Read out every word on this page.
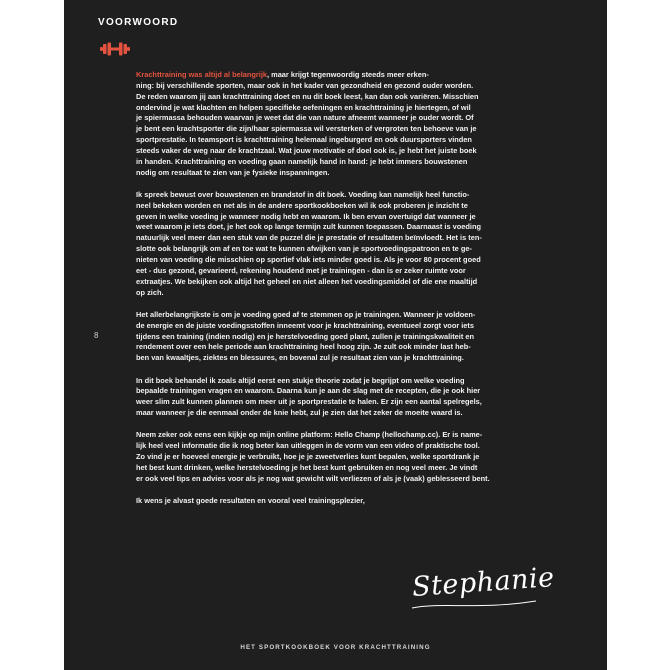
VOORWOORD
8

Krachttraining was altijd al belangrijk, maar krijgt tegenwoordig steeds meer erken-
ning: bij verschillende sporten, maar ook in het kader van gezondheid en gezond ouder worden.
De reden waarom jij aan krachttraining doet en nu dit boek leest, kan dan ook variëren. Misschien
ondervind je wat klachten en helpen specifieke oefeningen en krachttraining je hiertegen, of wil
je spiermassa behouden waarvan je weet dat die van nature afneemt wanneer je ouder wordt. Of
je bent een krachtsporter die zijn/haar spiermassa wil versterken of vergroten ten behoeve van je
sportprestatie. In teamsport is krachttraining helemaal ingeburgerd en ook duursporters vinden
steeds vaker de weg naar de krachtzaal. Wat jouw motivatie of doel ook is, je hebt het juiste boek
in handen. Krachttraining en voeding gaan namelijk hand in hand: je hebt immers bouwstenen
nodig om resultaat te zien van je fysieke inspanningen.

Ik spreek bewust over bouwstenen en brandstof in dit boek. Voeding kan namelijk heel functio-
neel bekeken worden en net als in de andere sportkookboeken wil ik ook proberen je inzicht te
geven in welke voeding je wanneer nodig hebt en waarom. Ik ben ervan overtuigd dat wanneer je
weet waarom je iets doet, je het ook op lange termijn zult kunnen toepassen. Daarnaast is voeding
natuurlijk veel meer dan een stuk van de puzzel die je prestatie of resultaten beïnvloedt. Het is ten-
slotte ook belangrijk om af en toe wat te kunnen afwijken van je sportvoedingspatroon en te ge-
nieten van voeding die misschien op sportief vlak iets minder goed is. Als je voor 80 procent goed
eet - dus gezond, gevarieerd, rekening houdend met je trainingen - dan is er zeker ruimte voor
extraatjes. We bekijken ook altijd het geheel en niet alleen het voedingsmiddel of die ene maaltijd
op zich.

Het allerbelangrijkste is om je voeding goed af te stemmen op je trainingen. Wanneer je voldoen-
de energie en de juiste voedingsstoffen inneemt voor je krachttraining, eventueel zorgt voor iets
tijdens een training (indien nodig) en je herstelvoeding goed plant, zullen je trainingskwaliteit en
rendement over een hele periode aan krachttraining heel hoog zijn. Je zult ook minder last heb-
ben van kwaaltjes, ziektes en blessures, en bovenal zul je resultaat zien van je krachttraining.

In dit boek behandel ik zoals altijd eerst een stukje theorie zodat je begrijpt om welke voeding
bepaalde trainingen vragen en waarom. Daarna kun je aan de slag met de recepten, die je ook hier
weer slim zult kunnen plannen om meer uit je sportprestatie te halen. Er zijn een aantal spelregels,
maar wanneer je die eenmaal onder de knie hebt, zul je zien dat het zeker de moeite waard is.

Neem zeker ook eens een kijkje op mijn online platform: Hello Champ (hellochamp.cc). Er is name-
lijk heel veel informatie die ik nog beter kan uitleggen in de vorm van een video of praktische tool.
Zo vind je er hoeveel energie je verbruikt, hoe je je zweetverlies kunt bepalen, welke sportdrank je
het best kunt drinken, welke herstelvoeding je het best kunt gebruiken en nog veel meer. Je vindt
er ook veel tips en advies voor als je nog wat gewicht wilt verliezen of als je (vaak) geblesseerd bent.

Ik wens je alvast goede resultaten en vooral veel trainingsplezier,

Stephanie
HET SPORTKOOKBOEK VOOR KRACHTTRAINING
